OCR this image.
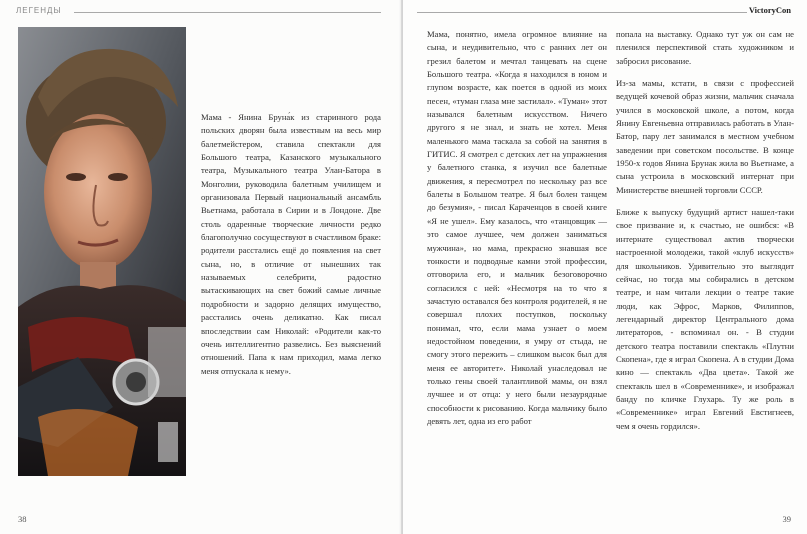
ЛЕГЕНДЫ

Мама - Янина Бруна́к из старинного рода польских дворян была известным на весь мир балетмейстером, ставила спектакли для Большого театра, Казанского музыкального театра, Музыкального театра Улан-Батора в Монголии, руководила балетным училищем и организовала Первый национальный ансамбль Вьетнама, работала в Сирии и в Лондоне. Две столь одаренные творческие личности редко благополучно сосуществуют в счастливом браке: родители расстались ещё до появления на свет сына, но, в отличие от нынешних так называемых селебрити, радостно вытаскивающих на свет божий самые личные подробности и задорно делящих имущество, расстались очень деликатно. Как писал впоследствии сам Николай: «Родители как-то очень интеллигентно развелись. Без выяснений отношений. Папа к нам приходил, мама легко меня отпускала к нему».

38
VictoryCon

Мама, понятно, имела огромное влияние на сына, и неудивительно, что с ранних лет он грезил балетом и мечтал танцевать на сцене Большого театра. «Когда я находился в юном и глупом возрасте, как поется в одной из моих песен, «туман глаза мне застилал». «Туман» этот назывался балетным искусством. Ничего другого я не знал, и знать не хотел. Меня маленького мама таскала за собой на занятия в ГИТИС. Я смотрел с детских лет на упражнения у балетного станка, я изучил все балетные движения, я пересмотрел по нескольку раз все балеты в Большом театре. Я был болен танцем до безумия», - писал Караченцов в своей книге «Я не ушел». Ему казалось, что «танцовщик — это самое лучшее, чем должен заниматься мужчина», но мама, прекрасно знавшая все тонкости и подводные камни этой профессии, отговорила его, и мальчик безоговорочно согласился с ней: «Несмотря на то что я зачастую оставался без контроля родителей, я не совершал плохих поступков, поскольку понимал, что, если мама узнает о моем недостойном поведении, я умру от стыда, не смогу этого пережить – слишком высок был для меня ее авторитет». Николай унаследовал не только гены своей талантливой мамы, он взял лучшее и от отца: у него были незаурядные способности к рисованию. Когда мальчику было девять лет, одна из его работ

попала на выставку. Однако тут уж он сам не пленился перспективой стать художником и забросил рисование.

Из-за мамы, кстати, в связи с профессией ведущей кочевой образ жизни, мальчик сначала учился в московской школе, а потом, когда Янину Евгеньевна отправилась работать в Улан-Батор, пару лет занимался в местном учебном заведении при советском посольстве. В конце 1950-х годов Янина Брунак жила во Вьетнаме, а сына устроила в московский интернат при Министерстве внешней торговли СССР.

Ближе к выпуску будущий артист нашел-таки свое призвание и, к счастью, не ошибся: «В интернате существовал актив творчески настроенной молодежи, такой «клуб искусств» для школьников. Удивительно это выглядит сейчас, но тогда мы собирались в детском театре, и нам читали лекции о театре такие люди, как Эфрос, Марков, Филиппов, легендарный директор Центрального дома литераторов, - вспоминал он. - В студии детского театра поставили спектакль «Плутни Скопена», где я играл Скопена. А в студии Дома кино — спектакль «Два цвета». Такой же спектакль шел в «Современнике», и изображал банду по кличке Глухарь. Ту же роль в «Современнике» играл Евгений Евстигнеев, чем я очень гордился».

39
